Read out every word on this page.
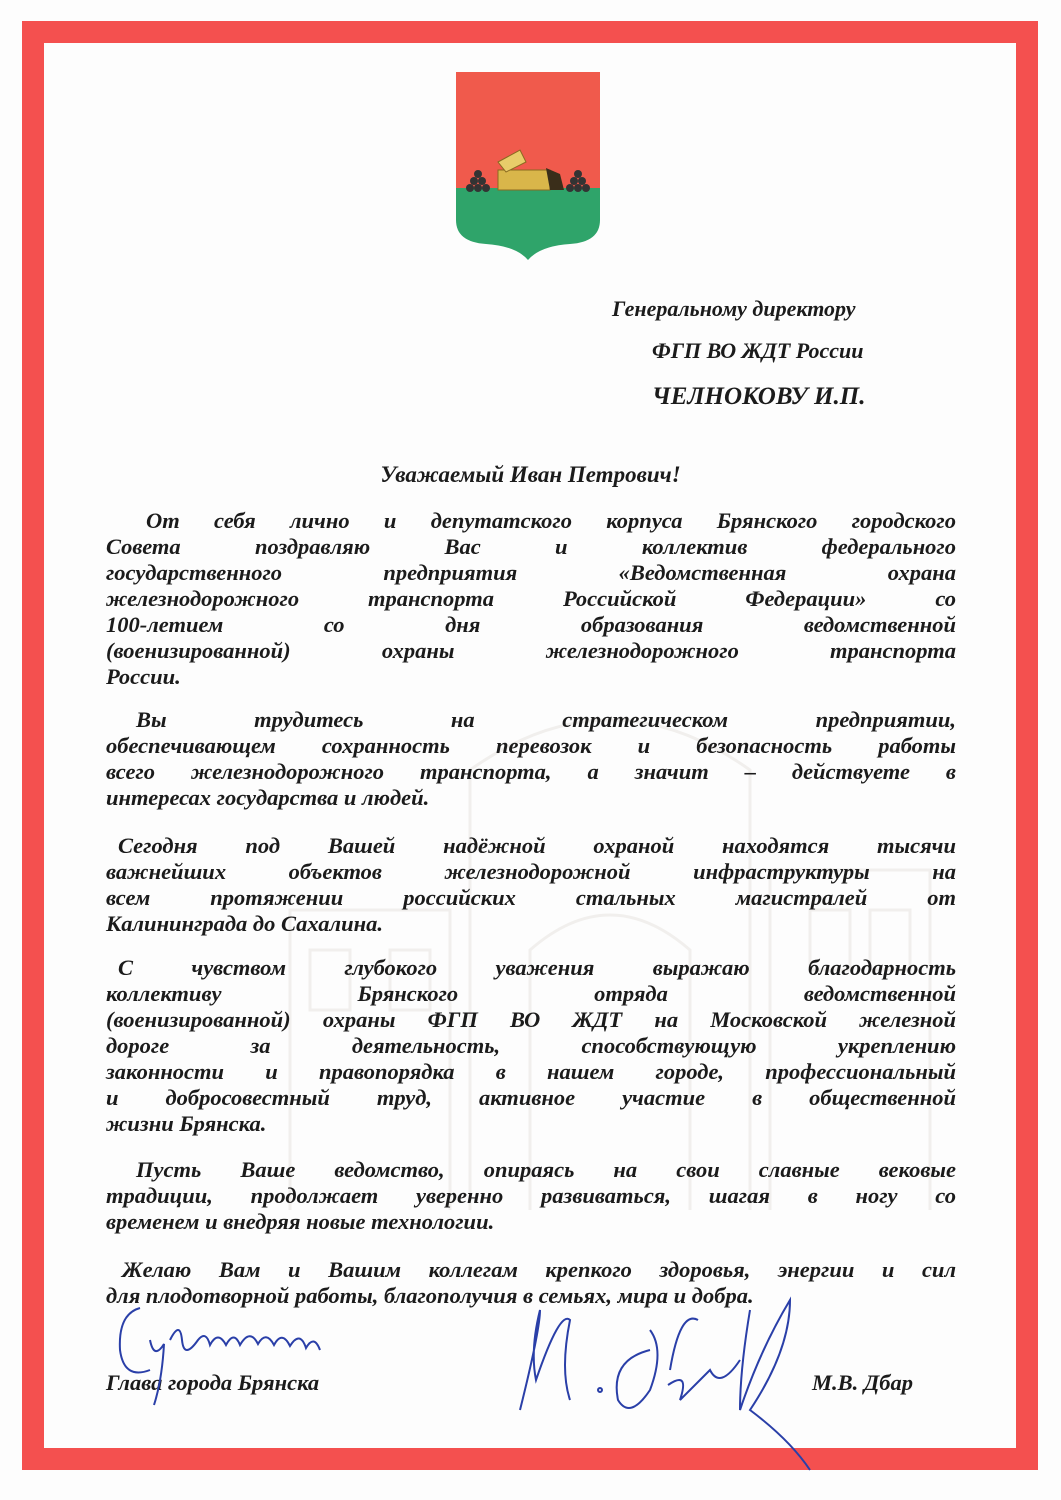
Генеральному директору
ФГП ВО ЖДТ России
ЧЕЛНОКОВУ И.П.
Уважаемый Иван Петрович!
От себя лично и депутатского корпуса Брянского городского
Совета поздравляю Вас и коллектив федерального
государственного предприятия «Ведомственная охрана
железнодорожного транспорта Российской Федерации» со
100-летием со дня образования ведомственной
(военизированной) охраны железнодорожного транспорта
России.
Вы трудитесь на стратегическом предприятии,
обеспечивающем сохранность перевозок и безопасность работы
всего железнодорожного транспорта, а значит – действуете в
интересах государства и людей.
Сегодня под Вашей надёжной охраной находятся тысячи
важнейших объектов железнодорожной инфраструктуры на
всем протяжении российских стальных магистралей от
Калининграда до Сахалина.
С чувством глубокого уважения выражаю благодарность
коллективу Брянского отряда ведомственной
(военизированной) охраны ФГП ВО ЖДТ на Московской железной
дороге за деятельность, способствующую укреплению
законности и правопорядка в нашем городе, профессиональный
и добросовестный труд, активное участие в общественной
жизни Брянска.
Пусть Ваше ведомство, опираясь на свои славные вековые
традиции, продолжает уверенно развиваться, шагая в ногу со
временем и внедряя новые технологии.
Желаю Вам и Вашим коллегам крепкого здоровья, энергии и сил
для плодотворной работы, благополучия в семьях, мира и добра.
Глава города Брянска	М.В. Дбар
